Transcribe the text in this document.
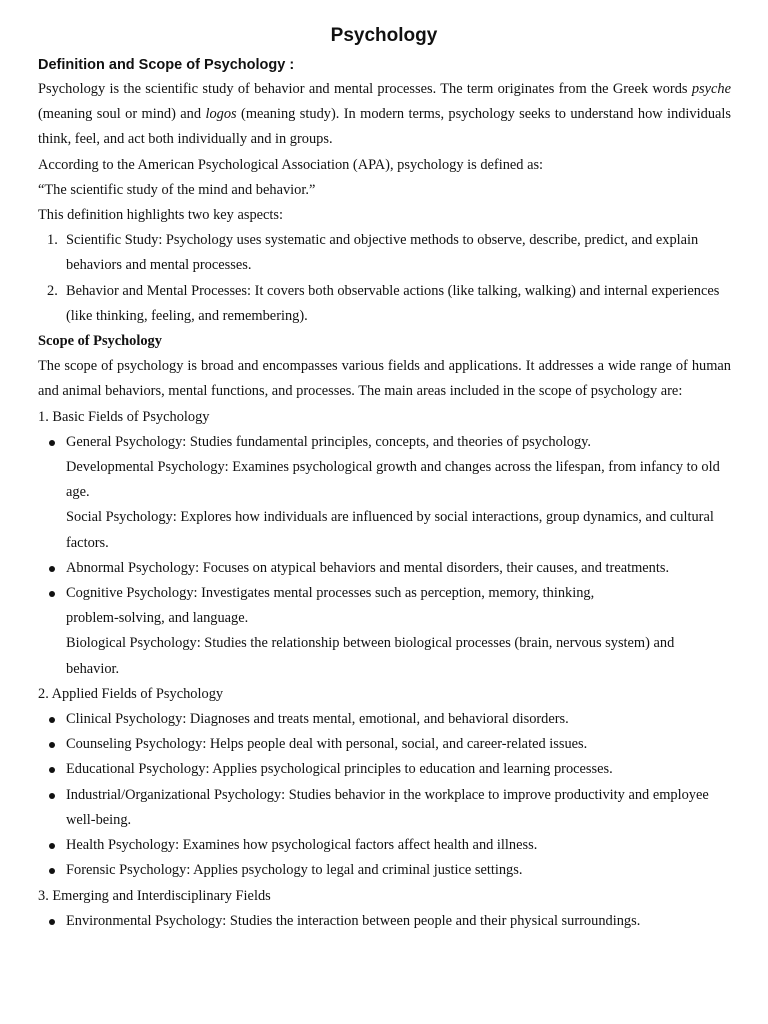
Psychology
Definition and Scope of Psychology :

Psychology is the scientific study of behavior and mental processes. The term originates from the Greek words psyche (meaning soul or mind) and logos (meaning study). In modern terms, psychology seeks to understand how individuals think, feel, and act both individually and in groups.

According to the American Psychological Association (APA), psychology is defined as:

“The scientific study of the mind and behavior.”

This definition highlights two key aspects:

1. Scientific Study: Psychology uses systematic and objective methods to observe, describe, predict, and explain behaviors and mental processes.
2. Behavior and Mental Processes: It covers both observable actions (like talking, walking) and internal experiences (like thinking, feeling, and remembering).

Scope of Psychology

The scope of psychology is broad and encompasses various fields and applications. It addresses a wide range of human and animal behaviors, mental functions, and processes. The main areas included in the scope of psychology are:

1. Basic Fields of Psychology

General Psychology: Studies fundamental principles, concepts, and theories of psychology.
Developmental Psychology: Examines psychological growth and changes across the lifespan, from infancy to old age.
Social Psychology: Explores how individuals are influenced by social interactions, group dynamics, and cultural factors.
Abnormal Psychology: Focuses on atypical behaviors and mental disorders, their causes, and treatments.
Cognitive Psychology: Investigates mental processes such as perception, memory, thinking, problem-solving, and language.
Biological Psychology: Studies the relationship between biological processes (brain, nervous system) and behavior.

2. Applied Fields of Psychology

Clinical Psychology: Diagnoses and treats mental, emotional, and behavioral disorders.
Counseling Psychology: Helps people deal with personal, social, and career-related issues.
Educational Psychology: Applies psychological principles to education and learning processes.
Industrial/Organizational Psychology: Studies behavior in the workplace to improve productivity and employee well-being.
Health Psychology: Examines how psychological factors affect health and illness.
Forensic Psychology: Applies psychology to legal and criminal justice settings.

3. Emerging and Interdisciplinary Fields

Environmental Psychology: Studies the interaction between people and their physical surroundings.
